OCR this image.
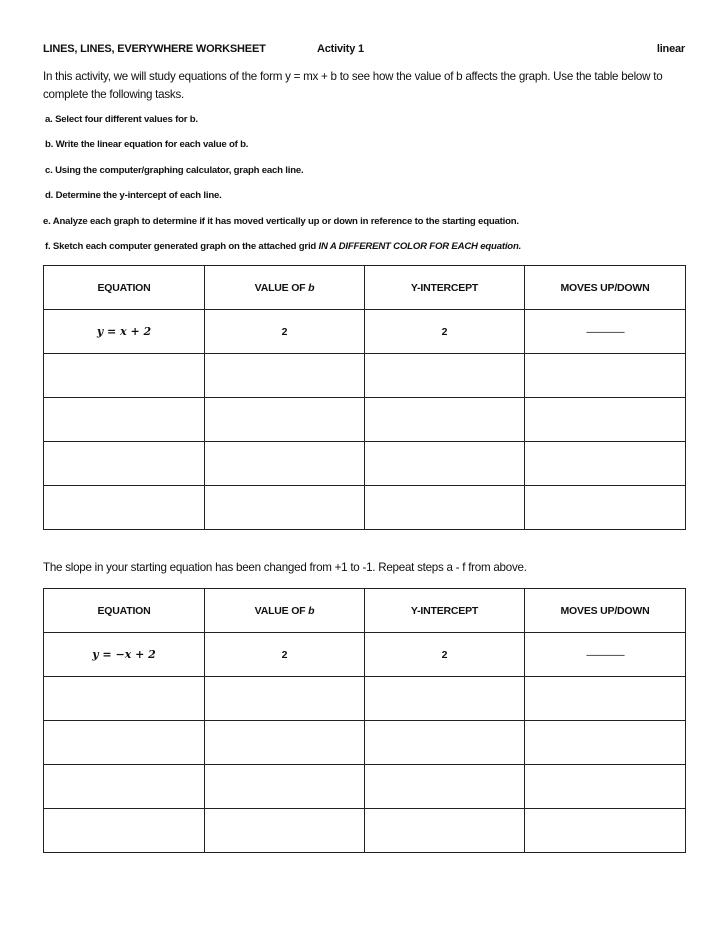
LINES, LINES, EVERYWHERE WORKSHEET	Activity 1	linear
In this activity, we will study equations of the form y = mx + b to see how the value of b affects the graph. Use the table below to complete the following tasks.
a. Select four different values for b.
b. Write the linear equation for each value of b.
c. Using the computer/graphing calculator, graph each line.
d. Determine the y-intercept of each line.
e. Analyze each graph to determine if it has moved vertically up or down in reference to the starting equation.
f. Sketch each computer generated graph on the attached grid IN A DIFFERENT COLOR FOR EACH equation.
EQUATION	VALUE OF b	Y-INTERCEPT	MOVES UP/DOWN
y = x + 2	2	2	-------------------

The slope in your starting equation has been changed from +1 to -1. Repeat steps a - f from above.
EQUATION	VALUE OF b	Y-INTERCEPT	MOVES UP/DOWN
y = −x + 2	2	2	-------------------
